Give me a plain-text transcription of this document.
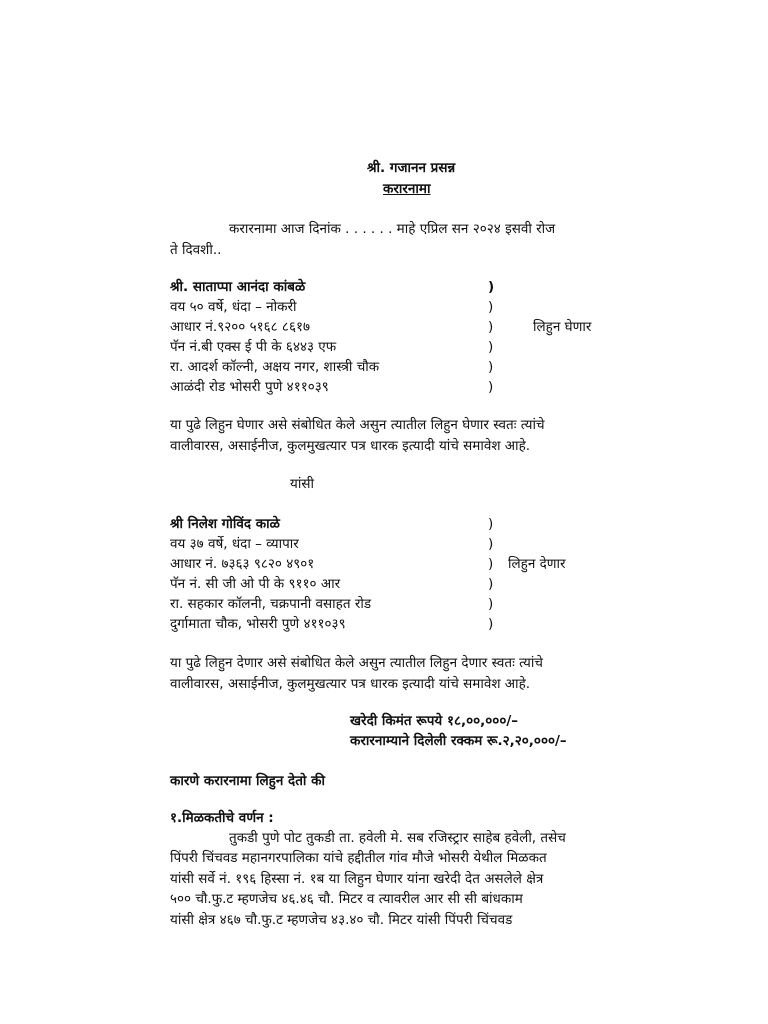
श्री. गजानन प्रसन्न
करारनामा
करारनामा आज दिनांक . . . . . . माहे एप्रिल सन २०२४ इसवी रोज
ते दिवशी..
श्री. साताप्पा आनंदा कांबळे
वय ५० वर्षे, धंदा – नोकरी
आधार नं.९२०० ५१६८ ८६१७
पॅन नं.बी एक्स ई पी के ६४४३ एफ
रा. आदर्श कॉल्नी, अक्षय नगर, शास्त्री चौक
आळंदी रोड भोसरी पुणे ४११०३९
)
)
)
)
)
)
लिहुन घेणार
या पुढे लिहुन घेणार असे संबोधित केले असुन त्यातील लिहुन घेणार स्वतः त्यांचे
वालीवारस, असाईनीज, कुलमुखत्यार पत्र धारक इत्यादी यांचे समावेश आहे.
यांसी
श्री निलेश गोविंद काळे
वय ३७ वर्षे, धंदा – व्यापार
आधार नं. ७३६३ ९८२० ४९०१
पॅन नं. सी जी ओ पी के ९११० आर
रा. सहकार कॉलनी, चक्रपानी वसाहत रोड
दुर्गामाता चौक, भोसरी पुणे ४११०३९
)
)
)
)
)
)
लिहुन देणार
या पुढे लिहुन देणार असे संबोधित केले असुन त्यातील लिहुन देणार स्वतः त्यांचे
वालीवारस, असाईनीज, कुलमुखत्यार पत्र धारक इत्यादी यांचे समावेश आहे.
खरेदी किमंत रूपये १८,००,०००/–
करारनाम्याने दिलेली रक्कम रू.२,२०,०००/–
कारणे करारनामा लिहुन देतो की
१.मिळकतीचे वर्णन :
तुकडी पुणे पोट तुकडी ता. हवेली मे. सब रजिस्ट्रार साहेब हवेली, तसेच
पिंपरी चिंचवड महानगरपालिका यांचे हद्दीतील गांव मौजे भोसरी येथील मिळकत
यांसी सर्वे नं. १९६ हिस्सा नं. १ब या लिहुन घेणार यांना खरेदी देत असलेले क्षेत्र
५०० चौ.फु.ट म्हणजेच ४६.४६ चौ. मिटर व त्यावरील आर सी सी बांधकाम
यांसी क्षेत्र ४६७ चौ.फु.ट म्हणजेच ४३.४० चौ. मिटर यांसी पिंपरी चिंचवड
